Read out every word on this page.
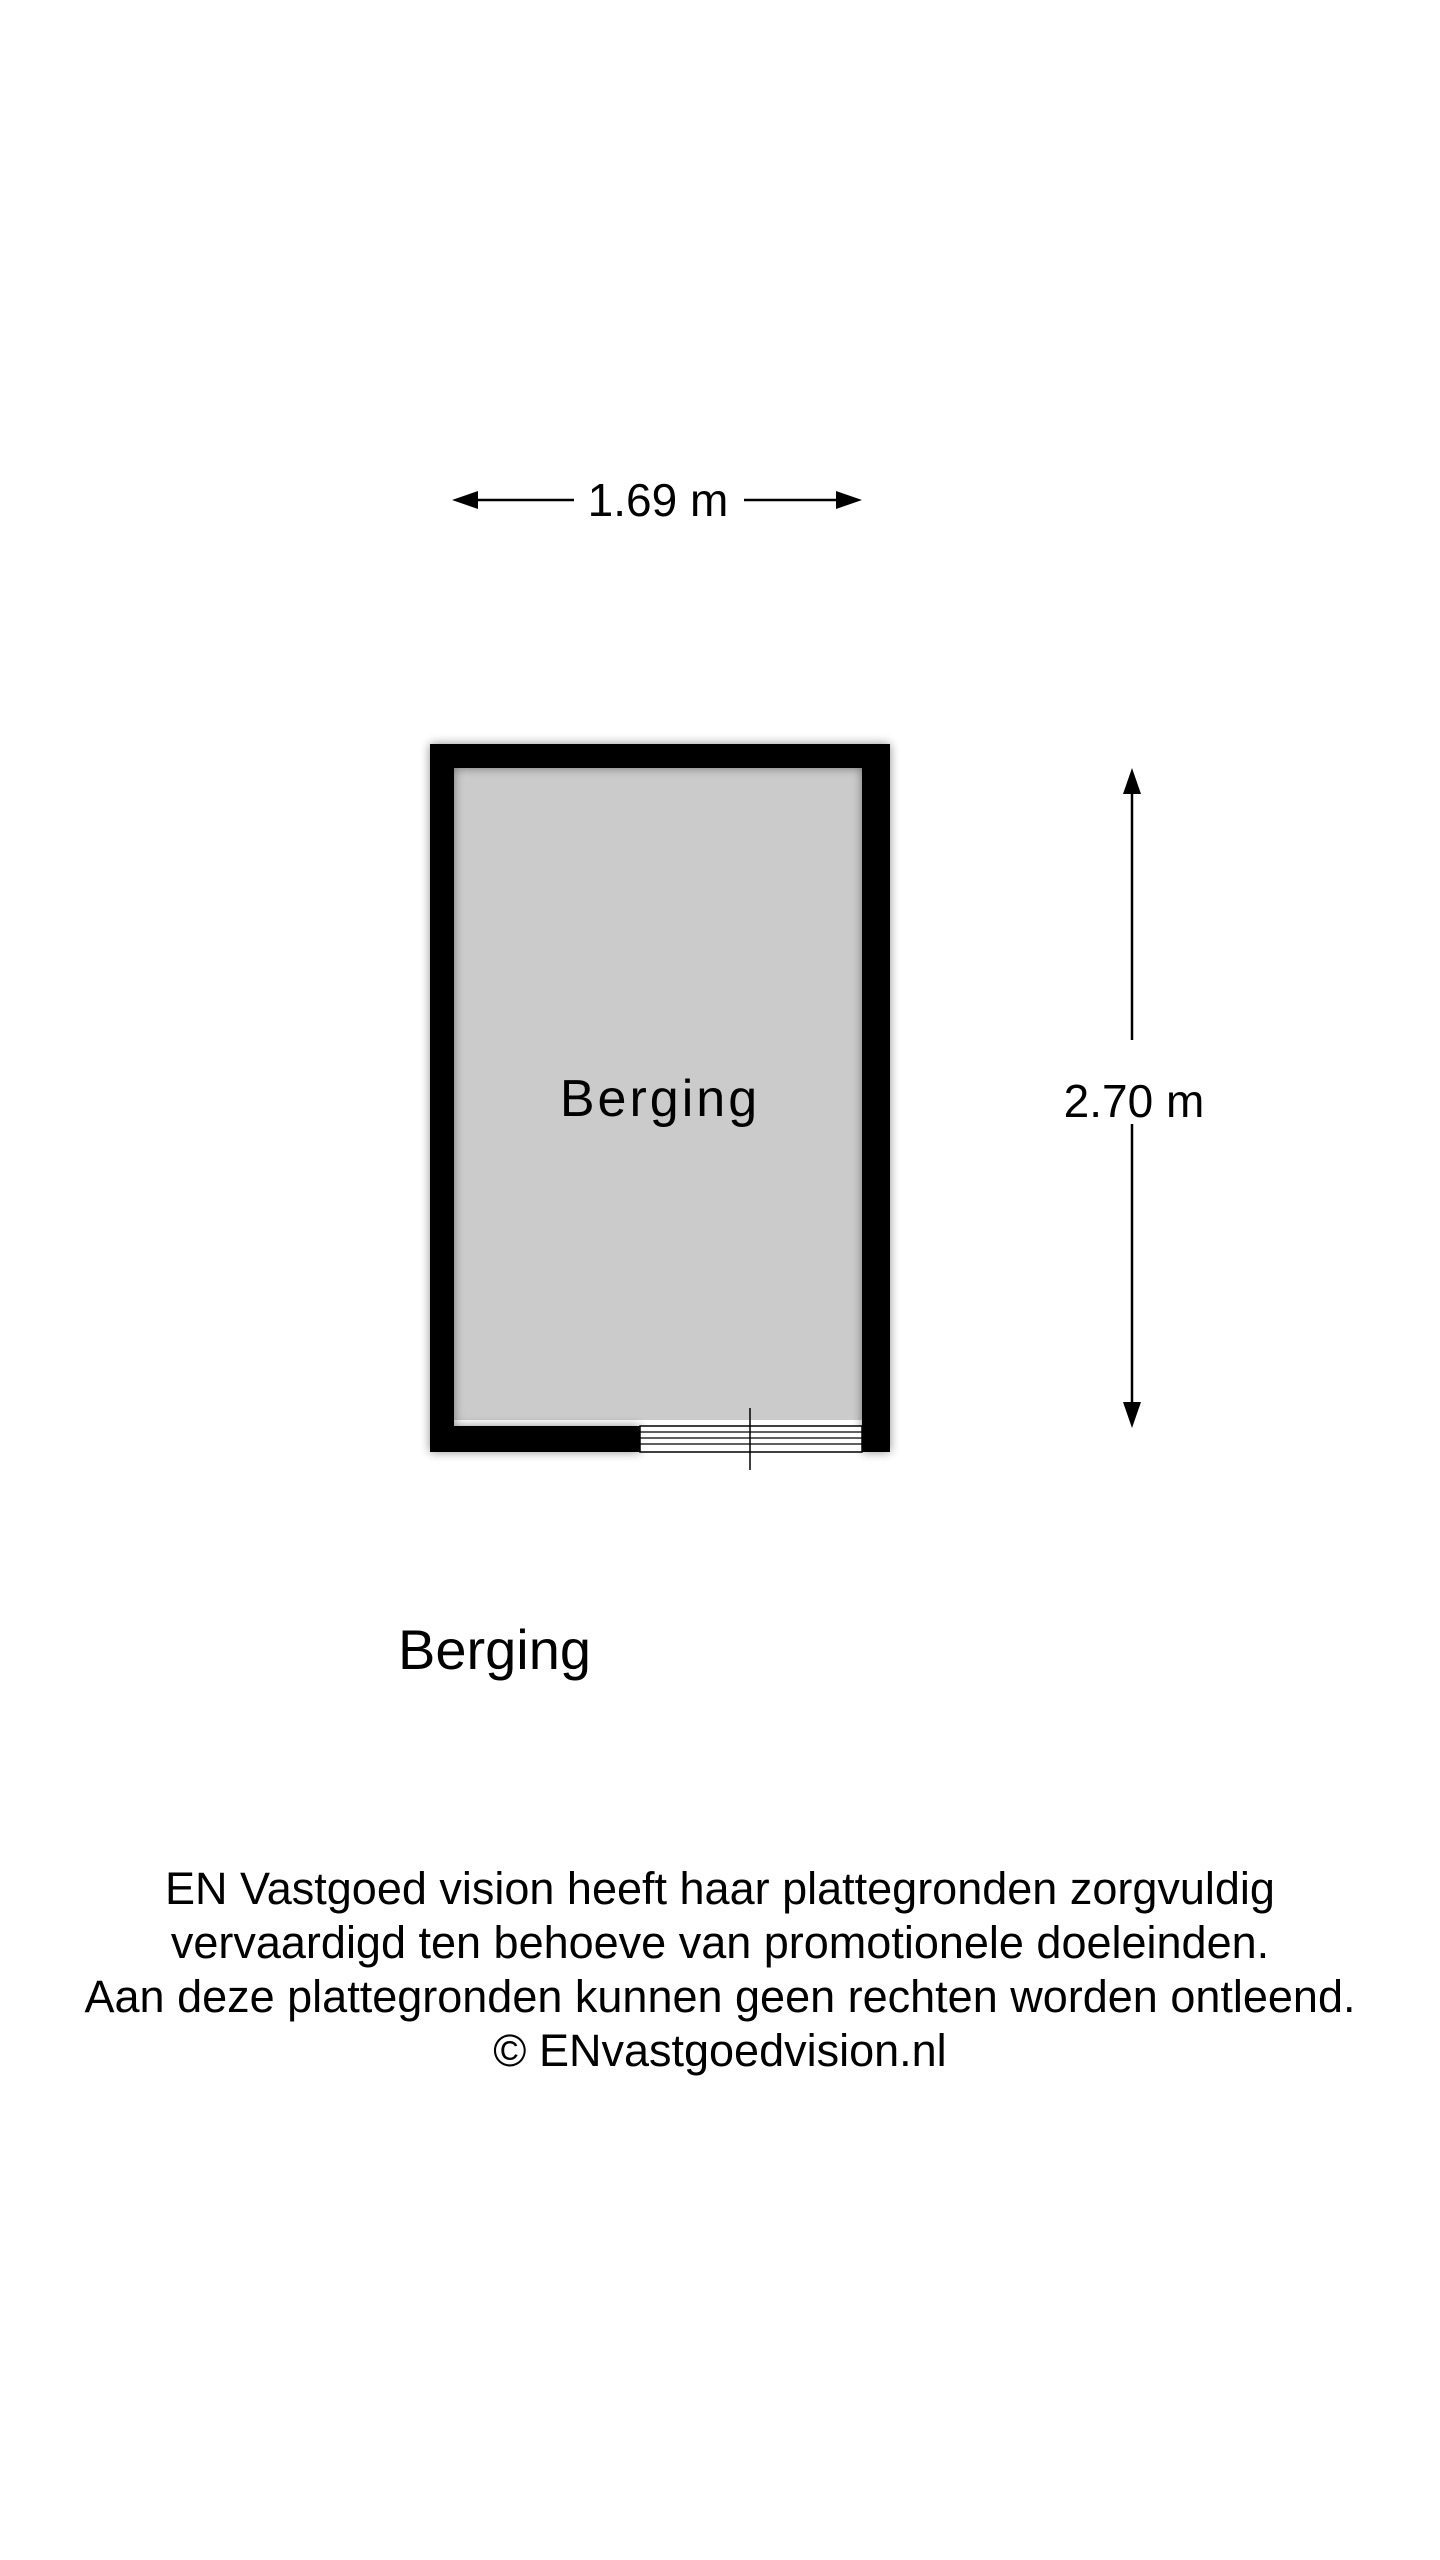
1.69 m
Berging	2.70 m
Berging
EN Vastgoed vision heeft haar plattegronden zorgvuldig
vervaardigd ten behoeve van promotionele doeleinden.
Aan deze plattegronden kunnen geen rechten worden ontleend.
© ENvastgoedvision.nl
